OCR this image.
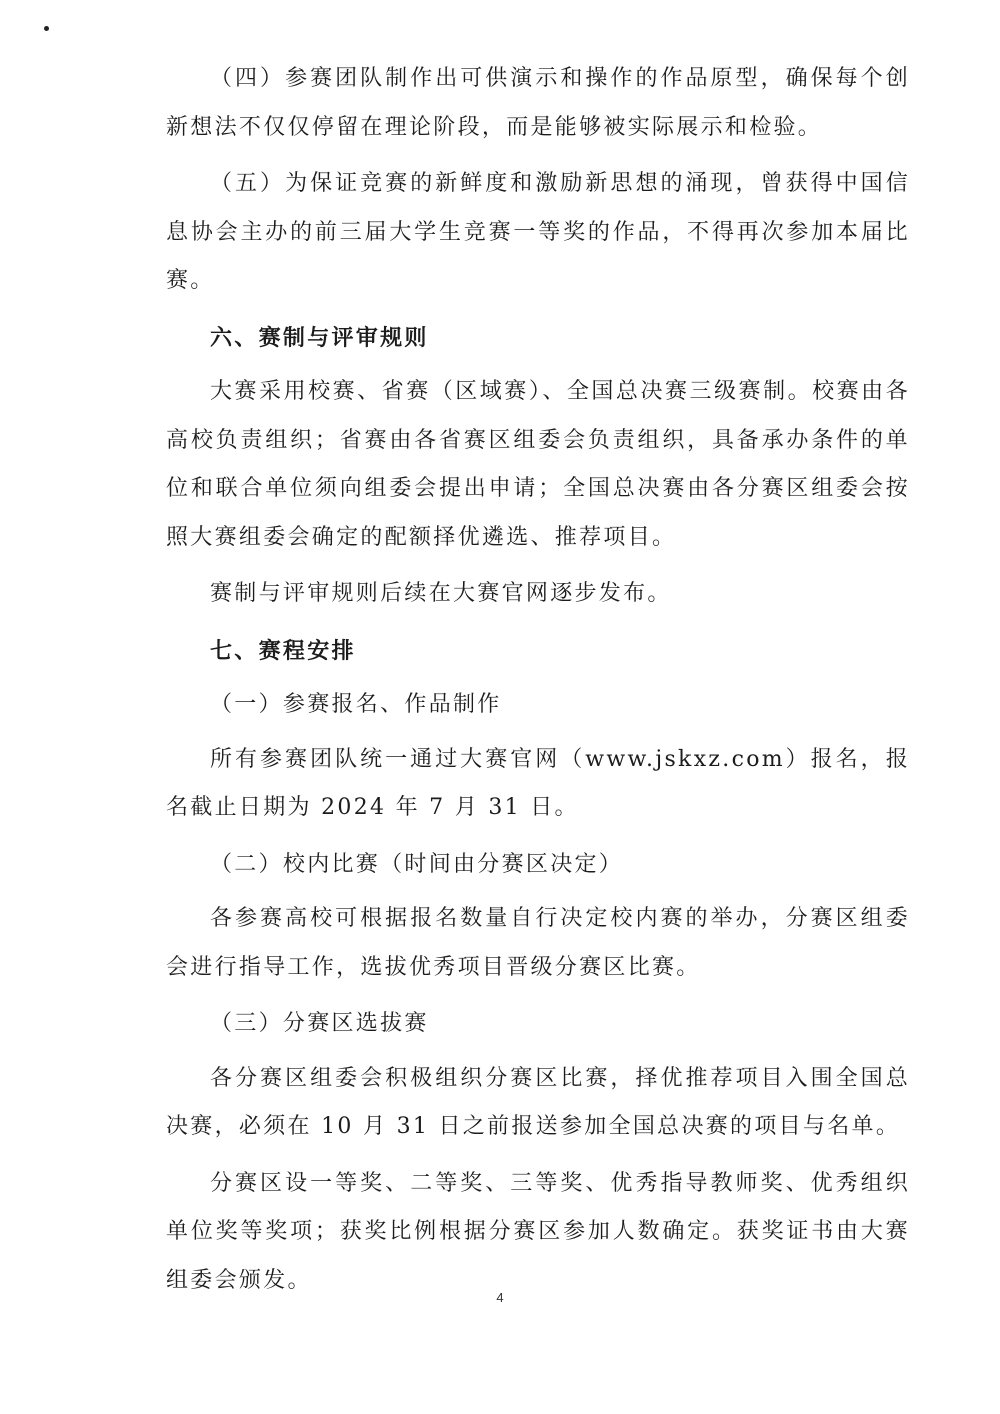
（四）参赛团队制作出可供演示和操作的作品原型，确保每个创新想法不仅仅停留在理论阶段，而是能够被实际展示和检验。

（五）为保证竞赛的新鲜度和激励新思想的涌现，曾获得中国信息协会主办的前三届大学生竞赛一等奖的作品，不得再次参加本届比赛。

六、赛制与评审规则

大赛采用校赛、省赛（区域赛）、全国总决赛三级赛制。校赛由各高校负责组织；省赛由各省赛区组委会负责组织，具备承办条件的单位和联合单位须向组委会提出申请；全国总决赛由各分赛区组委会按照大赛组委会确定的配额择优遴选、推荐项目。

赛制与评审规则后续在大赛官网逐步发布。

七、赛程安排

（一）参赛报名、作品制作

所有参赛团队统一通过大赛官网（www.jskxz.com）报名，报名截止日期为 2024 年 7 月 31 日。

（二）校内比赛（时间由分赛区决定）

各参赛高校可根据报名数量自行决定校内赛的举办，分赛区组委会进行指导工作，选拔优秀项目晋级分赛区比赛。

（三）分赛区选拔赛

各分赛区组委会积极组织分赛区比赛，择优推荐项目入围全国总决赛，必须在 10 月 31 日之前报送参加全国总决赛的项目与名单。

分赛区设一等奖、二等奖、三等奖、优秀指导教师奖、优秀组织单位奖等奖项；获奖比例根据分赛区参加人数确定。获奖证书由大赛组委会颁发。

4
